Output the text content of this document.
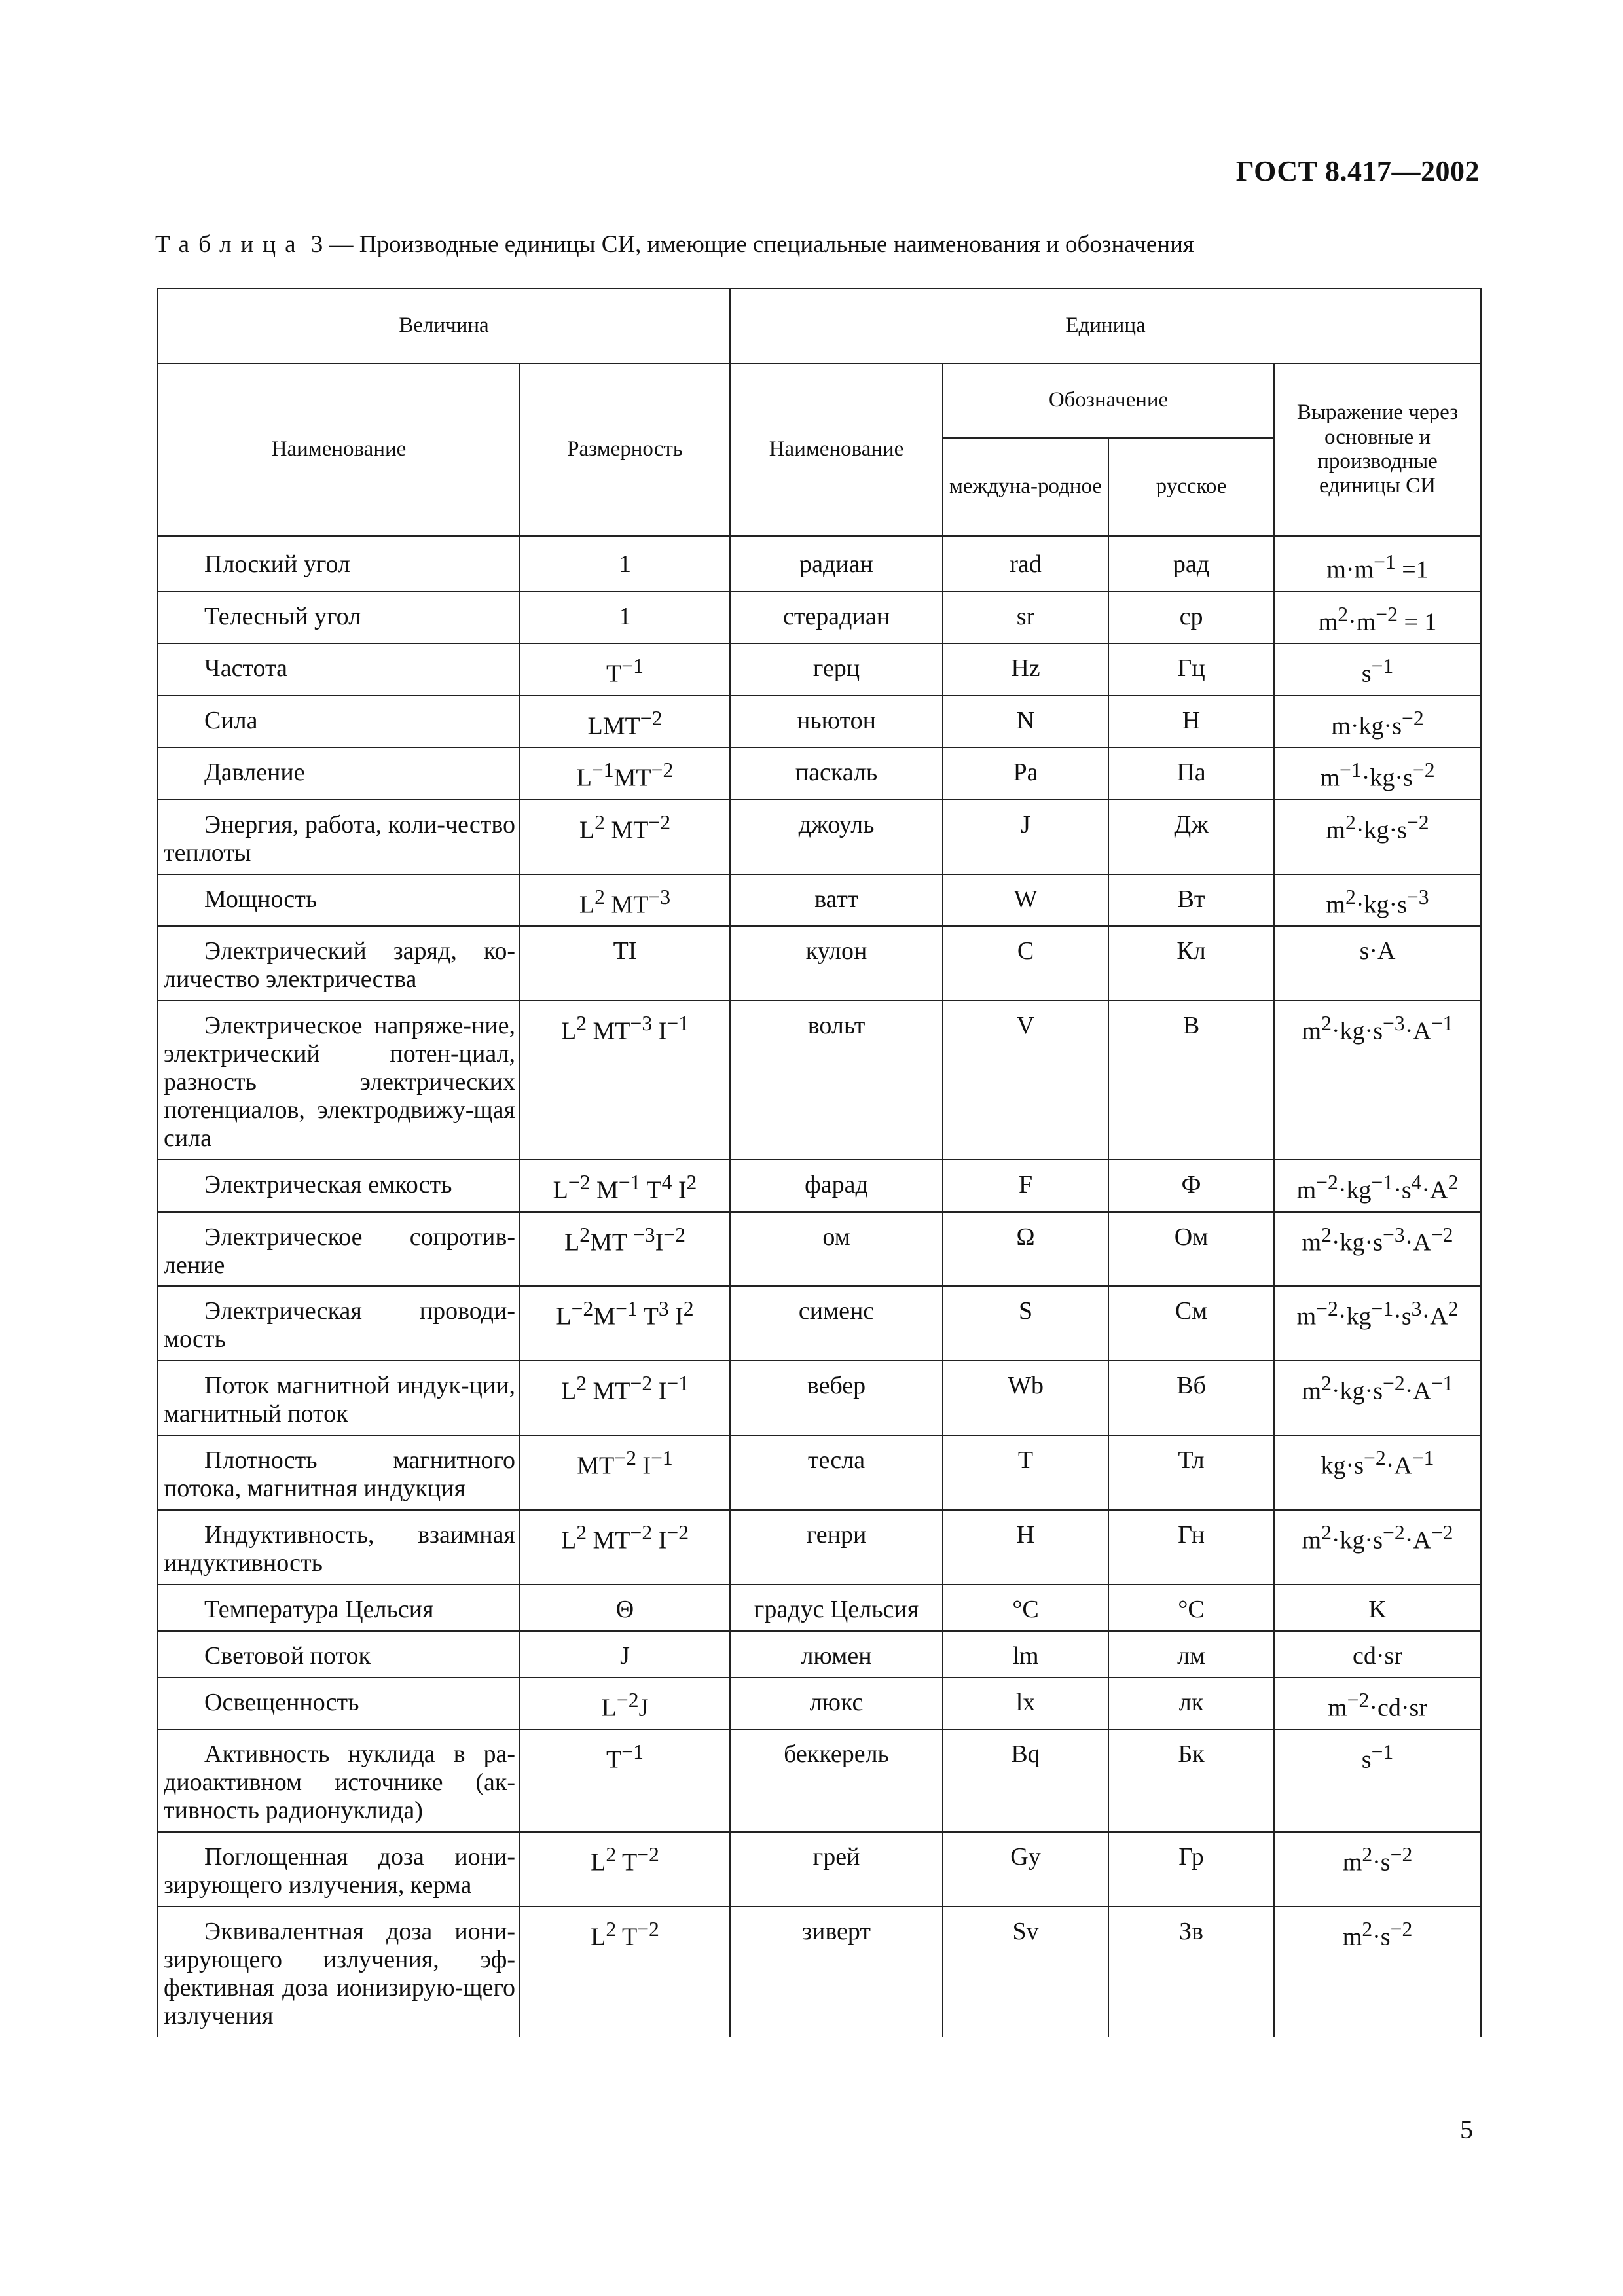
ГОСТ 8.417—2002
Таблица 3 — Производные единицы СИ, имеющие специальные наименования и обозначения
Величина		Единица			
Наименование	Размерность	Наименование	Обозначение		Выражение через основные и производные единицы СИ
			междуна-родное	русское	
Плоский угол	1	радиан	rad	рад	$m\cdot m^{-1} =1$
Телесный угол	1	стерадиан	sr	ср	$m^2\cdot m^{-2} = 1$
Частота	$T^{-1}$	герц	Hz	Гц	$s^{-1}$
Сила	$LMT^{-2}$	ньютон	N	Н	$m\cdot kg\cdot s^{-2}$
Давление	$L^{-1}MT^{-2}$	паскаль	Pa	Па	$m^{-1}\cdot kg\cdot s^{-2}$
Энергия, работа, коли-чество теплоты	$L^2$ $MT^{-2}$	джоуль	J	Дж	$m^2\cdot kg\cdot s^{-2}$
Мощность	$L^2$ $MT^{-3}$	ватт	W	Вт	$m^2\cdot kg\cdot s^{-3}$
Электрический заряд, ко-личество электричества	TI	кулон	C	Кл	s·A
Электрическое напряже-ние, электрический потен-циал, разность электрических потенциалов, электродвижу-щая сила	$L^2$ $MT^{-3}$ $I^{-1}$	вольт	V	В	$m^2\cdot kg\cdot s^{-3}\cdot A^{-1}$
Электрическая емкость	$L^{-2}$ $M^{-1}$ $T^4$ $I^2$	фарад	F	Ф	$m^{-2}\cdot kg^{-1}\cdot s^4\cdot A^2$
Электрическое сопротив-ление	$L^2MT$ $^{-3}I^{-2}$	ом	Ω	Ом	$m^2\cdot kg\cdot s^{-3}\cdot A^{-2}$
Электрическая проводи-мость	$L^{-2}M^{-1}$ $T^3$ $I^2$	сименс	S	См	$m^{-2}\cdot kg^{-1}\cdot s^3\cdot A^2$
Поток магнитной индук-ции, магнитный поток	$L^2$ $MT^{-2}$ $I^{-1}$	вебер	Wb	Вб	$m^2\cdot kg\cdot s^{-2}\cdot A^{-1}$
Плотность магнитного потока, магнитная индукция	$MT^{-2}$ $I^{-1}$	тесла	T	Тл	$kg\cdot s^{-2}\cdot A^{-1}$
Индуктивность, взаимная индуктивность	$L^2$ $MT^{-2}$ $I^{-2}$	генри	H	Гн	$m^2\cdot kg\cdot s^{-2}\cdot A^{-2}$
Температура Цельсия	Θ	градус Цельсия	°C	°C	K
Световой поток	J	люмен	lm	лм	cd·sr
Освещенность	$L^{-2}J$	люкс	lx	лк	$m^{-2}\cdot cd\cdot sr$
Активность нуклида в ра-диоактивном источнике (ак-тивность радионуклида)	$T^{-1}$	беккерель	Bq	Бк	$s^{-1}$
Поглощенная доза иони-зирующего излучения, керма	$L^2$ $T^{-2}$	грей	Gy	Гр	$m^2\cdot s^{-2}$
Эквивалентная доза иони-зирующего излучения, эф-фективная доза ионизирую-щего излучения	$L^2$ $T^{-2}$	зиверт	Sv	Зв	$m^2\cdot s^{-2}$
5
